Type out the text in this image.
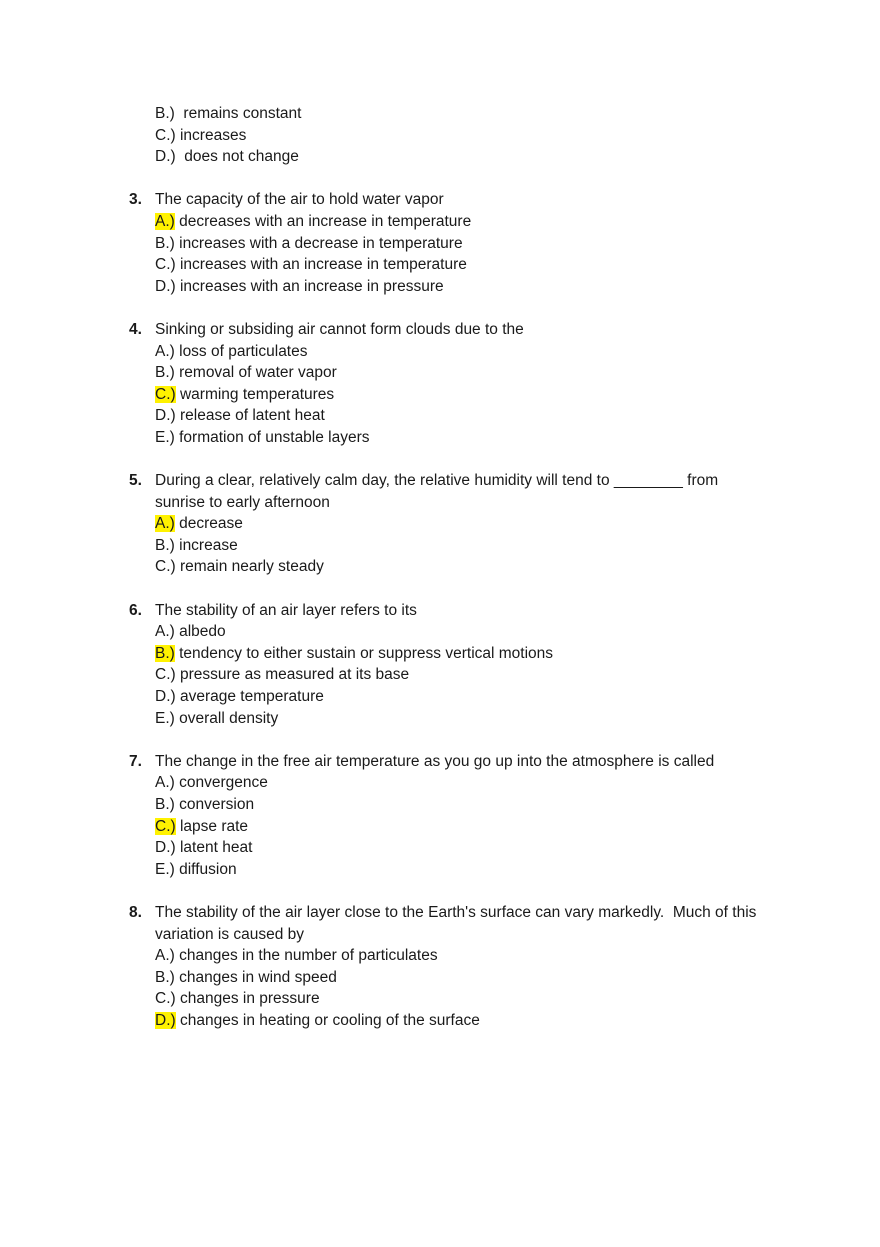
B.)  remains constant
C.) increases
D.)  does not change
3. The capacity of the air to hold water vapor
A.) decreases with an increase in temperature
B.) increases with a decrease in temperature
C.) increases with an increase in temperature
D.) increases with an increase in pressure
4. Sinking or subsiding air cannot form clouds due to the
A.) loss of particulates
B.) removal of water vapor
C.) warming temperatures
D.) release of latent heat
E.) formation of unstable layers
5. During a clear, relatively calm day, the relative humidity will tend to ________ from
sunrise to early afternoon
A.) decrease
B.) increase
C.) remain nearly steady
6. The stability of an air layer refers to its
A.) albedo
B.) tendency to either sustain or suppress vertical motions
C.) pressure as measured at its base
D.) average temperature
E.) overall density
7. The change in the free air temperature as you go up into the atmosphere is called
A.) convergence
B.) conversion
C.) lapse rate
D.) latent heat
E.) diffusion
8. The stability of the air layer close to the Earth's surface can vary markedly.  Much of this
variation is caused by
A.) changes in the number of particulates
B.) changes in wind speed
C.) changes in pressure
D.) changes in heating or cooling of the surface
